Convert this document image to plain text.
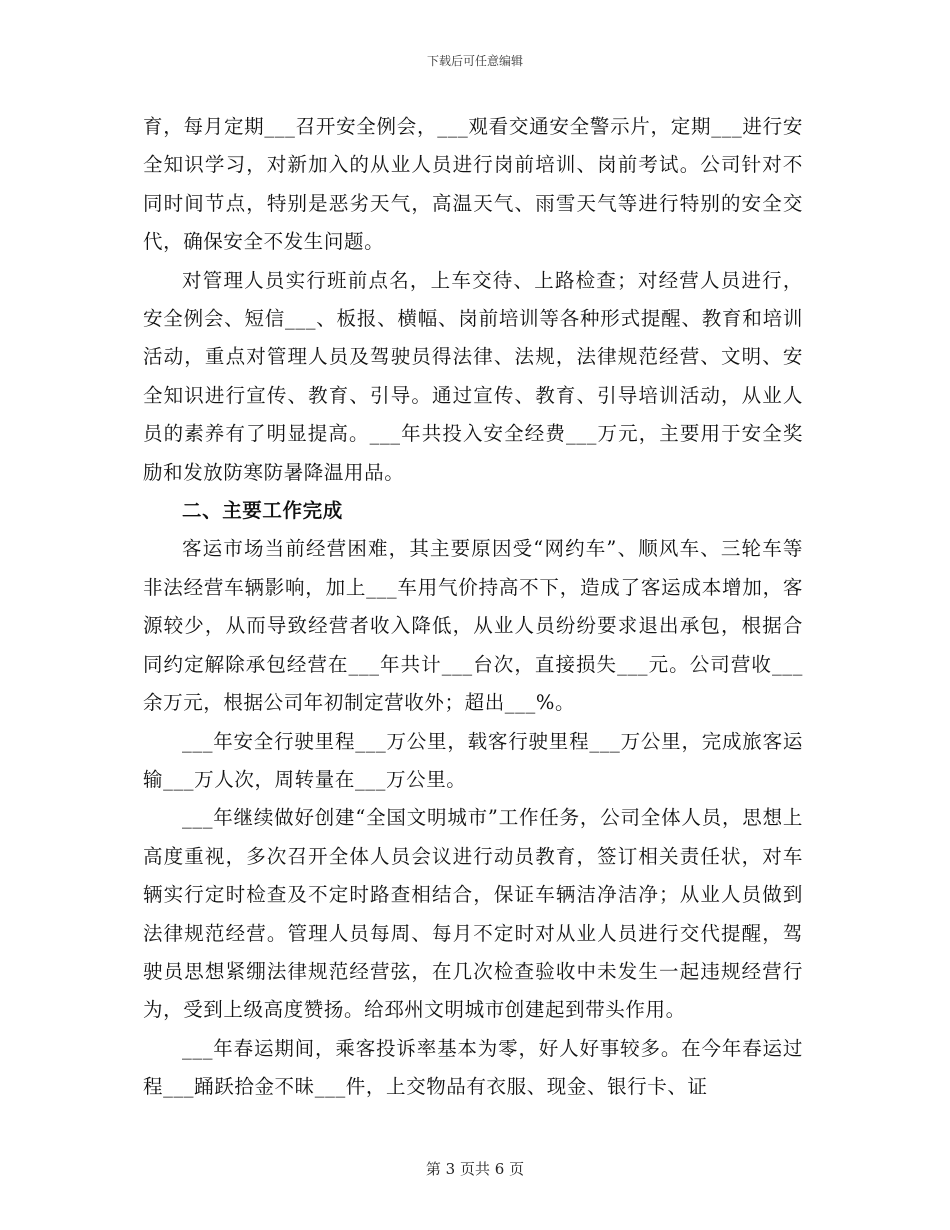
下载后可任意编辑

育，每月定期___召开安全例会，___观看交通安全警示片，定期___进行安全知识学习，对新加入的从业人员进行岗前培训、岗前考试。公司针对不同时间节点，特别是恶劣天气，高温天气、雨雪天气等进行特别的安全交代，确保安全不发生问题。

对管理人员实行班前点名，上车交待、上路检查；对经营人员进行，安全例会、短信___、板报、横幅、岗前培训等各种形式提醒、教育和培训活动，重点对管理人员及驾驶员得法律、法规，法律规范经营、文明、安全知识进行宣传、教育、引导。通过宣传、教育、引导培训活动，从业人员的素养有了明显提高。___年共投入安全经费___万元，主要用于安全奖励和发放防寒防暑降温用品。

二、主要工作完成

客运市场当前经营困难，其主要原因受“网约车”、顺风车、三轮车等非法经营车辆影响，加上___车用气价持高不下，造成了客运成本增加，客源较少，从而导致经营者收入降低，从业人员纷纷要求退出承包，根据合同约定解除承包经营在___年共计___台次，直接损失___元。公司营收___余万元，根据公司年初制定营收外；超出___%。

___年安全行驶里程___万公里，载客行驶里程___万公里，完成旅客运输___万人次，周转量在___万公里。

___年继续做好创建“全国文明城市”工作任务，公司全体人员，思想上高度重视，多次召开全体人员会议进行动员教育，签订相关责任状，对车辆实行定时检查及不定时路查相结合，保证车辆洁净洁净；从业人员做到法律规范经营。管理人员每周、每月不定时对从业人员进行交代提醒，驾驶员思想紧绷法律规范经营弦，在几次检查验收中未发生一起违规经营行为，受到上级高度赞扬。给邳州文明城市创建起到带头作用。

___年春运期间，乘客投诉率基本为零，好人好事较多。在今年春运过程___踊跃拾金不昧___件，上交物品有衣服、现金、银行卡、证

第 3 页共 6 页
